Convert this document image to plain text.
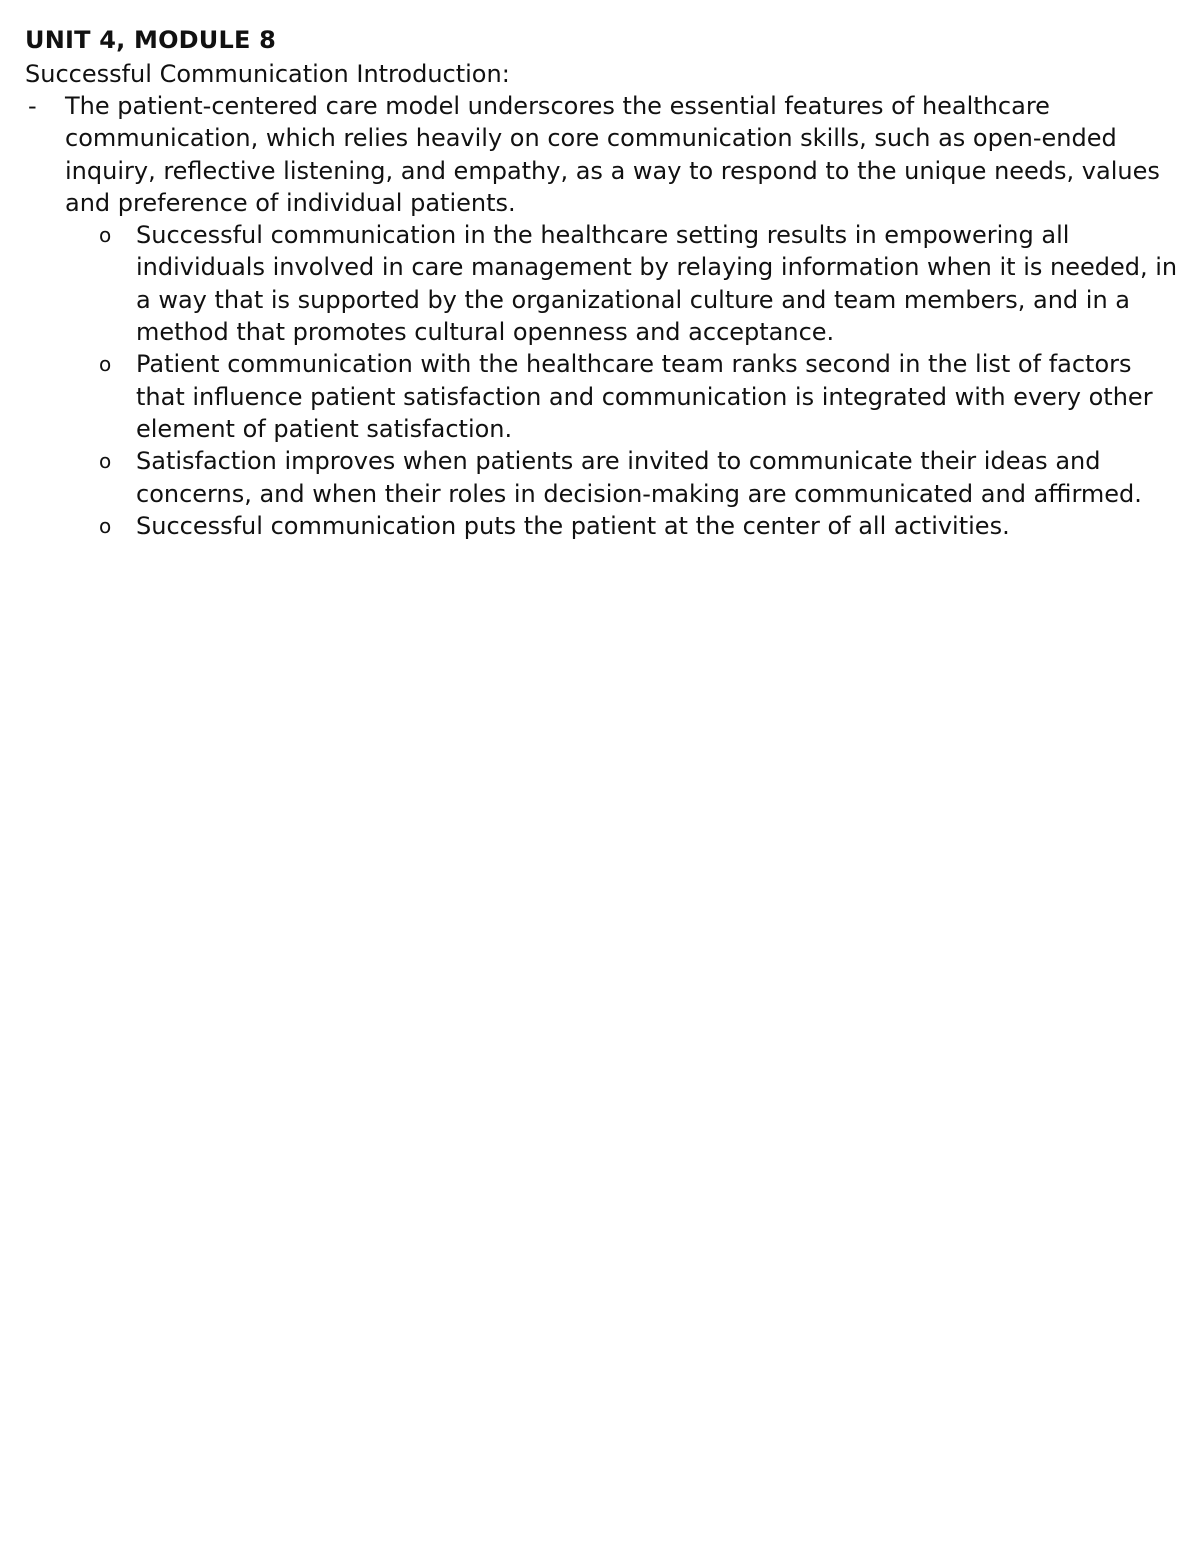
UNIT 4, MODULE 8
Successful Communication Introduction:
- The patient-centered care model underscores the essential features of healthcare communication, which relies heavily on core communication skills, such as open-ended inquiry, reflective listening, and empathy, as a way to respond to the unique needs, values and preference of individual patients.
o Successful communication in the healthcare setting results in empowering all individuals involved in care management by relaying information when it is needed, in a way that is supported by the organizational culture and team members, and in a method that promotes cultural openness and acceptance.
o Patient communication with the healthcare team ranks second in the list of factors that influence patient satisfaction and communication is integrated with every other element of patient satisfaction.
o Satisfaction improves when patients are invited to communicate their ideas and concerns, and when their roles in decision-making are communicated and affirmed.
o Successful communication puts the patient at the center of all activities.
